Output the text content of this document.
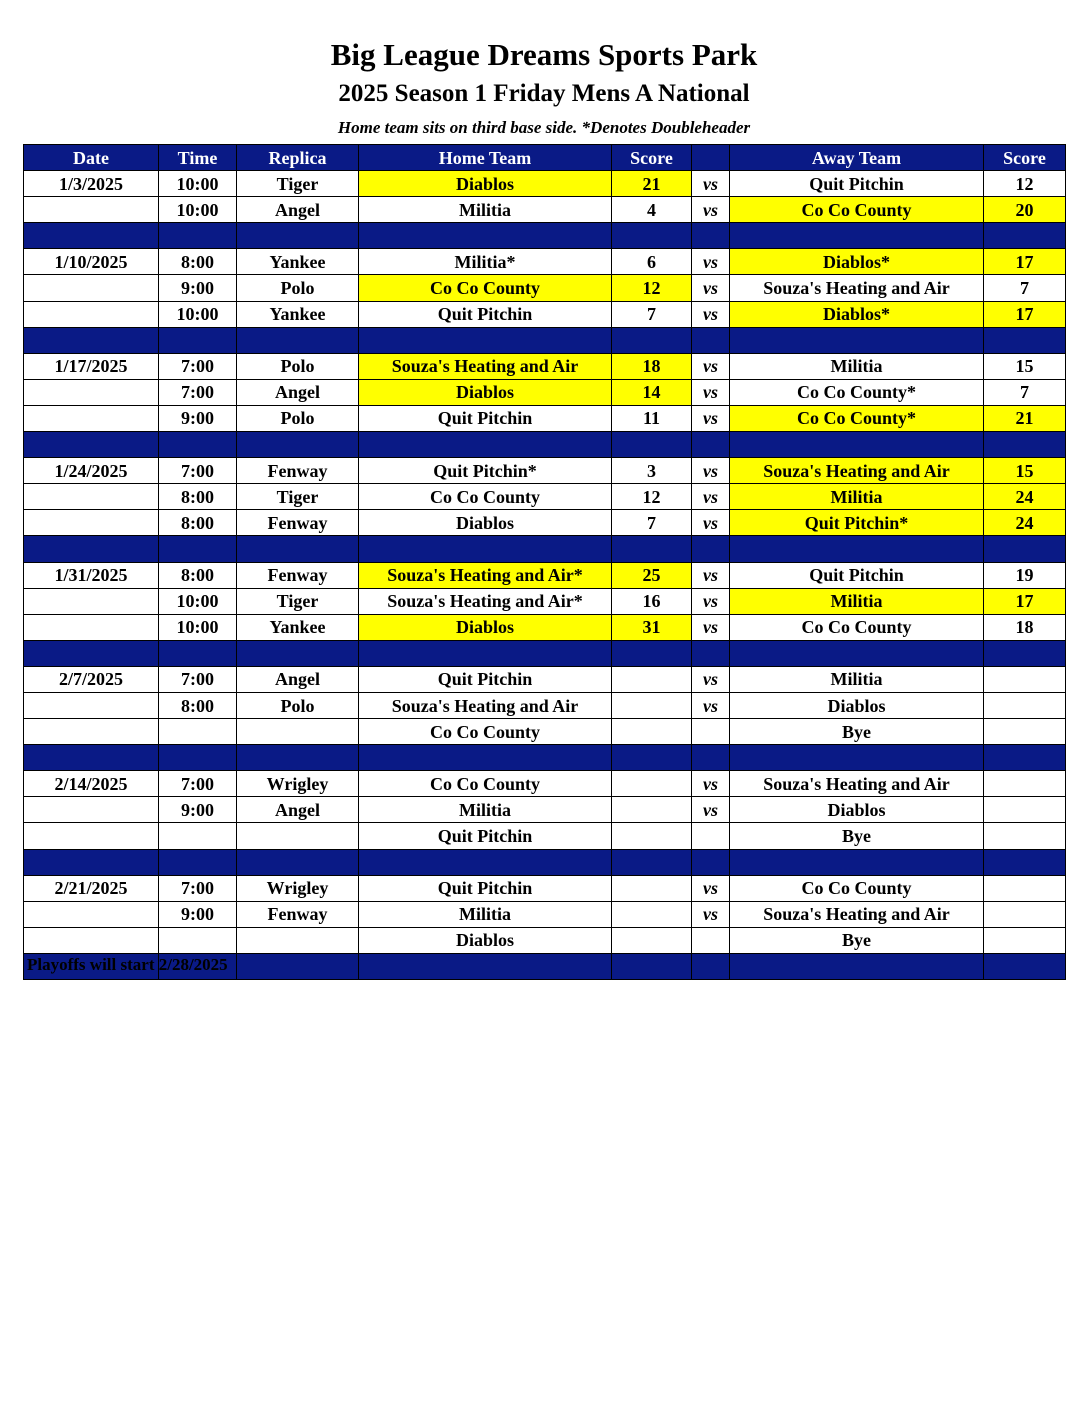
Big League Dreams Sports Park
2025 Season 1 Friday Mens A National
Home team sits on third base side. *Denotes Doubleheader
Date	Time	Replica	Home Team	Score		Away Team	Score
1/3/2025	10:00	Tiger	Diablos	21	vs	Quit Pitchin	12
	10:00	Angel	Militia	4	vs	Co Co County	20

1/10/2025	8:00	Yankee	Militia*	6	vs	Diablos*	17
	9:00	Polo	Co Co County	12	vs	Souza's Heating and Air	7
	10:00	Yankee	Quit Pitchin	7	vs	Diablos*	17

1/17/2025	7:00	Polo	Souza's Heating and Air	18	vs	Militia	15
	7:00	Angel	Diablos	14	vs	Co Co County*	7
	9:00	Polo	Quit Pitchin	11	vs	Co Co County*	21

1/24/2025	7:00	Fenway	Quit Pitchin*	3	vs	Souza's Heating and Air	15
	8:00	Tiger	Co Co County	12	vs	Militia	24
	8:00	Fenway	Diablos	7	vs	Quit Pitchin*	24

1/31/2025	8:00	Fenway	Souza's Heating and Air*	25	vs	Quit Pitchin	19
	10:00	Tiger	Souza's Heating and Air*	16	vs	Militia	17
	10:00	Yankee	Diablos	31	vs	Co Co County	18

2/7/2025	7:00	Angel	Quit Pitchin		vs	Militia	
	8:00	Polo	Souza's Heating and Air		vs	Diablos	
			Co Co County			Bye	

2/14/2025	7:00	Wrigley	Co Co County		vs	Souza's Heating and Air	
	9:00	Angel	Militia		vs	Diablos	
			Quit Pitchin			Bye	

2/21/2025	7:00	Wrigley	Quit Pitchin		vs	Co Co County	
	9:00	Fenway	Militia		vs	Souza's Heating and Air	
			Diablos			Bye	

Playoffs will start 2/28/2025
